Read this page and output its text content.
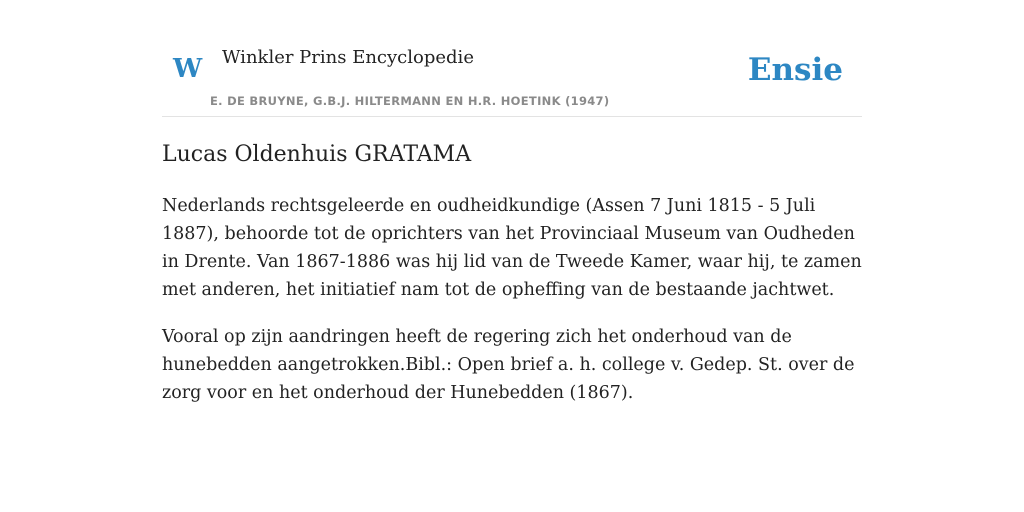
W Winkler Prins Encyclopedie
E. DE BRUYNE, G.B.J. HILTERMANN EN H.R. HOETINK (1947)
Ensie
Lucas Oldenhuis GRATAMA

Nederlands rechtsgeleerde en oudheidkundige (Assen 7 Juni 1815 - 5 Juli 1887), behoorde tot de oprichters van het Provinciaal Museum van Oudheden in Drente. Van 1867-1886 was hij lid van de Tweede Kamer, waar hij, te zamen met anderen, het initiatief nam tot de opheffing van de bestaande jachtwet.

Vooral op zijn aandringen heeft de regering zich het onderhoud van de hunebedden aangetrokken.Bibl.: Open brief a. h. college v. Gedep. St. over de zorg voor en het onderhoud der Hunebedden (1867).
